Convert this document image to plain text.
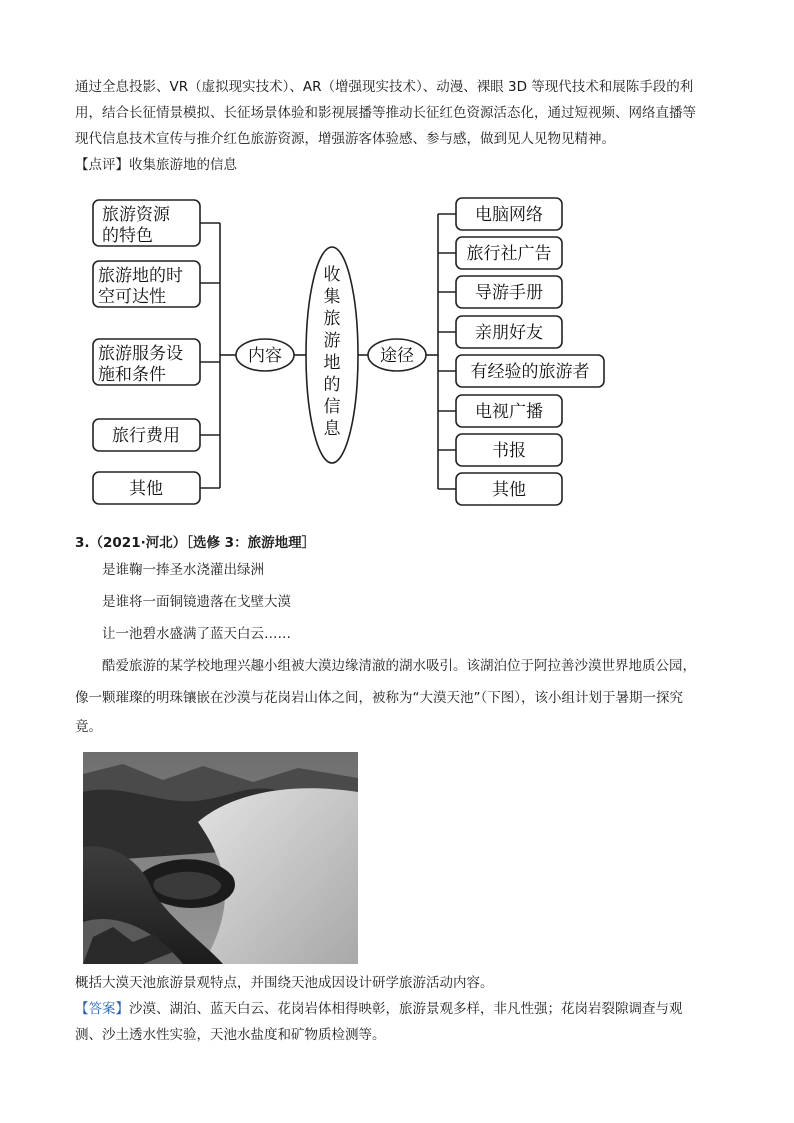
通过全息投影、VR（虚拟现实技术）、AR（增强现实技术）、动漫、裸眼 3D 等现代技术和展陈手段的利

用，结合长征情景模拟、长征场景体验和影视展播等推动长征红色资源活态化，通过短视频、网络直播等

现代信息技术宣传与推介红色旅游资源，增强游客体验感、参与感，做到见人见物见精神。

【点评】收集旅游地的信息

旅游资源
的特色
旅游地的时
空可达性
旅游服务设
施和条件
旅行费用
其他
内容	途径
收
集
旅
游
地
的
信
息
电脑网络
旅行社广告
导游手册
亲朋好友
有经验的旅游者
电视广播
书报
其他

3.（2021·河北）［选修 3：旅游地理］

是谁鞠一捧圣水浇灌出绿洲

是谁将一面铜镜遗落在戈壁大漠

让一池碧水盛满了蓝天白云……

酷爱旅游的某学校地理兴趣小组被大漠边缘清澈的湖水吸引。该湖泊位于阿拉善沙漠世界地质公园，

像一颗璀璨的明珠镶嵌在沙漠与花岗岩山体之间，被称为“大漠天池”（下图），该小组计划于暑期一探究

竟。

概括大漠天池旅游景观特点，并围绕天池成因设计研学旅游活动内容。

【答案】沙漠、湖泊、蓝天白云、花岗岩体相得映彰，旅游景观多样，非凡性强；花岗岩裂隙调查与观

测、沙土透水性实验，天池水盐度和矿物质检测等。
